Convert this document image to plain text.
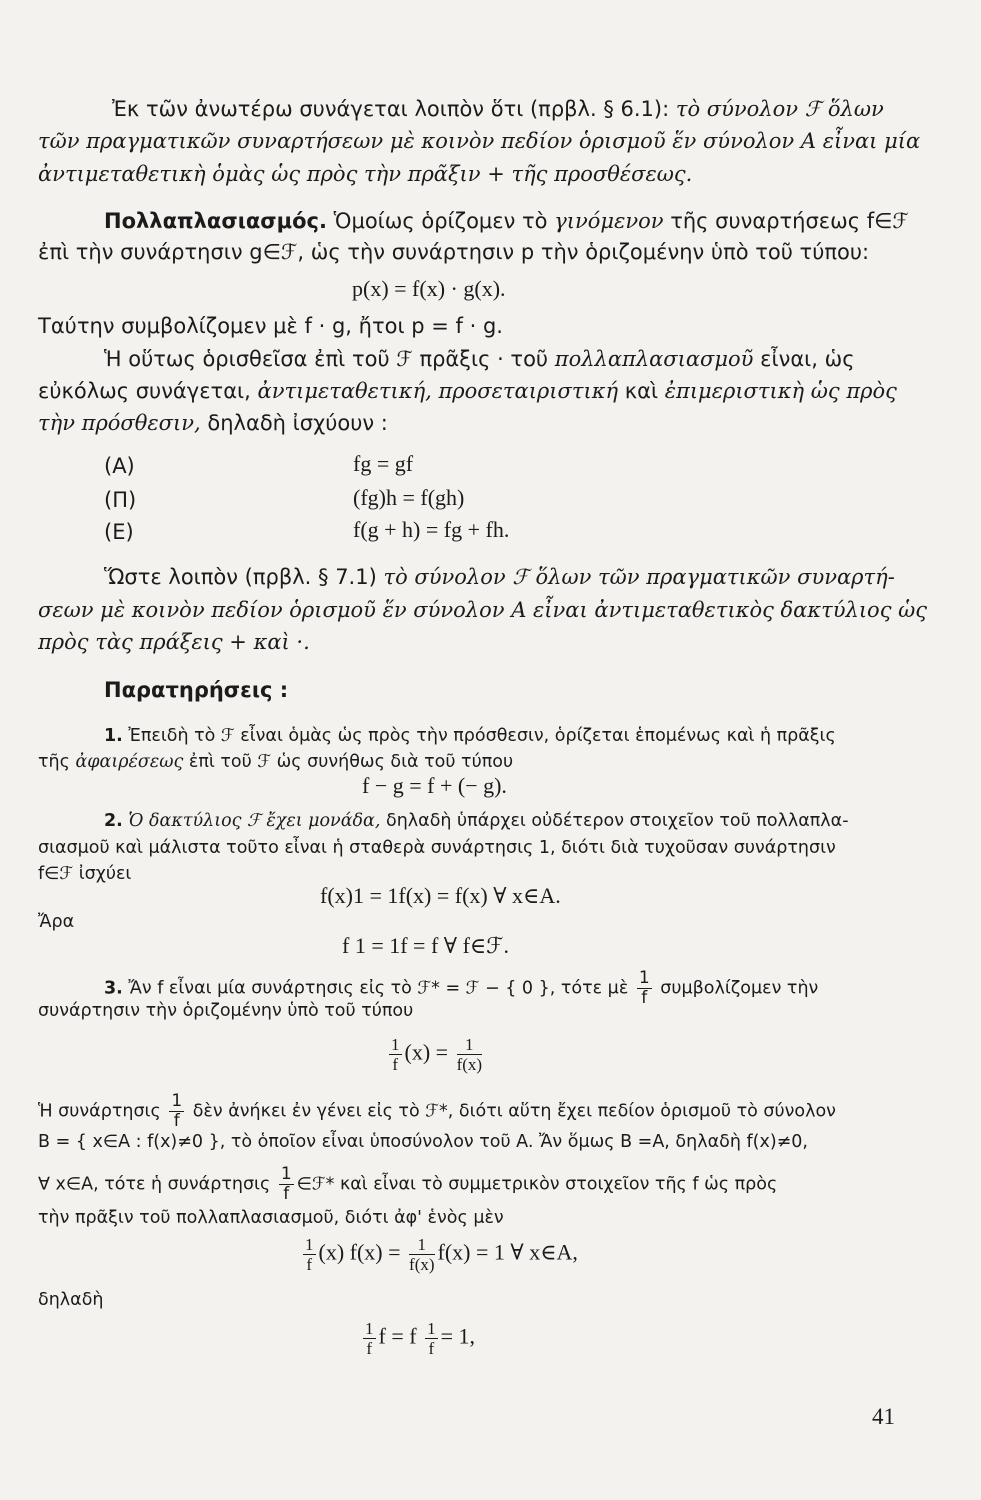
Ἐκ τῶν ἀνωτέρω συνάγεται λοιπὸν ὅτι (πρβλ. § 6.1): τὸ σύνολον ℱ ὅλων
τῶν πραγματικῶν συναρτήσεων μὲ κοινὸν πεδίον ὁρισμοῦ ἕν σύνολον A εἶναι μία
ἀντιμεταθετικὴ ὁμὰς ὡς πρὸς τὴν πρᾶξιν + τῆς προσθέσεως.
Πολλαπλασιασμός. Ὁμοίως ὁρίζομεν τὸ γινόμενον τῆς συναρτήσεως f∈ℱ
ἐπὶ τὴν συνάρτησιν g∈ℱ, ὡς τὴν συνάρτησιν p τὴν ὁριζομένην ὑπὸ τοῦ τύπου:
p(x) = f(x) · g(x).
Ταύτην συμβολίζομεν μὲ f · g, ἤτοι p = f · g.
Ἡ οὕτως ὁρισθεῖσα ἐπὶ τοῦ ℱ πρᾶξις · τοῦ πολλαπλασιασμοῦ εἶναι, ὡς
εὐκόλως συνάγεται, ἀντιμεταθετική, προσεταιριστική καὶ ἐπιμεριστικὴ ὡς πρὸς
τὴν πρόσθεσιν, δηλαδὴ ἰσχύουν :
(A)	fg = gf
(Π)	(fg)h = f(gh)
(E)	f(g + h) = fg + fh.
Ὥστε λοιπὸν (πρβλ. § 7.1) τὸ σύνολον ℱ ὅλων τῶν πραγματικῶν συναρτή-
σεων μὲ κοινὸν πεδίον ὁρισμοῦ ἕν σύνολον A εἶναι ἀντιμεταθετικὸς δακτύλιος ὡς
πρὸς τὰς πράξεις + καὶ ·.
Παρατηρήσεις :
1. Ἐπειδὴ τὸ ℱ εἶναι ὁμὰς ὡς πρὸς τὴν πρόσθεσιν, ὁρίζεται ἑπομένως καὶ ἡ πρᾶξις
τῆς ἀφαιρέσεως ἐπὶ τοῦ ℱ ὡς συνήθως διὰ τοῦ τύπου
f − g = f + (− g).
2. Ὁ δακτύλιος ℱ ἔχει μονάδα, δηλαδὴ ὑπάρχει οὐδέτερον στοιχεῖον τοῦ πολλαπλα-
σιασμοῦ καὶ μάλιστα τοῦτο εἶναι ἡ σταθερὰ συνάρτησις 1, διότι διὰ τυχοῦσαν συνάρτησιν
f∈ℱ ἰσχύει
f(x)1 = 1f(x) = f(x) ∀ x∈A.
Ἄρα
f 1 = 1f = f ∀ f∈ℱ.
3. Ἄν f εἶναι μία συνάρτησις εἰς τὸ ℱ* = ℱ − { 0 }, τότε μὲ $\frac{1}{f}$ συμβολίζομεν τὴν
συνάρτησιν τὴν ὁριζομένην ὑπὸ τοῦ τύπου
$\frac{1}{f} (x) = \frac{1}{f(x)}$
Ἡ συνάρτησις $\frac{1}{f}$ δὲν ἀνήκει ἐν γένει εἰς τὸ ℱ*, διότι αὕτη ἔχει πεδίον ὁρισμοῦ τὸ σύνολον
B = { x∈A : f(x)≠0 }, τὸ ὁποῖον εἶναι ὑποσύνολον τοῦ A. Ἄν ὅμως B =A, δηλαδὴ f(x)≠0,
∀ x∈A, τότε ἡ συνάρτησις $\frac{1}{f}$ ∈ℱ* καὶ εἶναι τὸ συμμετρικὸν στοιχεῖον τῆς f ὡς πρὸς
τὴν πρᾶξιν τοῦ πολλαπλασιασμοῦ, διότι ἀφ' ἑνὸς μὲν
$\frac{1}{f} (x) f(x) = \frac{1}{f(x)} f(x) = 1$ ∀ x∈A,
δηλαδὴ
$\frac{1}{f}$ f = f $\frac{1}{f} = 1$,
41
